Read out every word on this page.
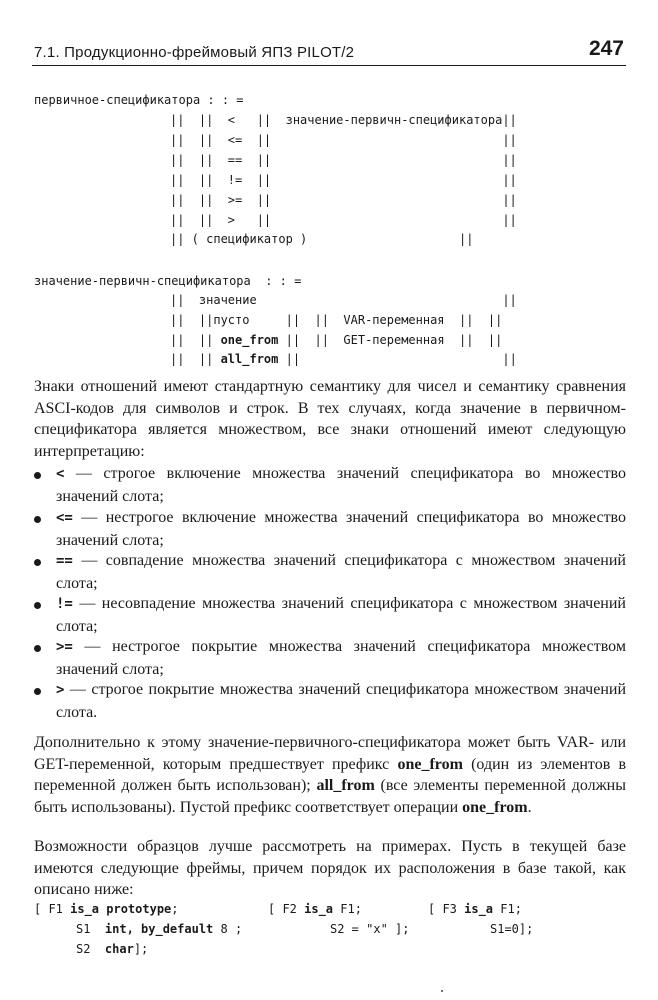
7.1. Продукционно-фреймовый ЯПЗ PILOT/2	247
первичное-спецификатора : : =
||  ||  <   ||  значение-первичн-спецификатора||
||  ||  <=  ||                                ||
||  ||  ==  ||                                ||
||  ||  !=  ||                                ||
||  ||  >=  ||                                ||
||  ||  >   ||                                ||
|| ( спецификатор )                     ||
значение-первичн-спецификатора  : : =
||  значение                                  ||
||  ||пусто     ||  ||  VAR-переменная  ||  ||
||  || one_from ||  ||  GET-переменная  ||  ||
||  || all_from ||                            ||
Знаки отношений имеют стандартную семантику для чисел и семантику сравнения ASCI-кодов для символов и строк. В тех случаях, когда значение в первичном-спецификатора является множеством, все знаки отношений имеют следующую интерпретацию:
< — строгое включение множества значений спецификатора во множество значений слота;
<= — нестрогое включение множества значений спецификатора во множество значений слота;
== — совпадение множества значений спецификатора с множеством значений слота;
!= — несовпадение множества значений спецификатора с множеством значений слота;
>= — нестрогое покрытие множества значений спецификатора множеством значений слота;
> — строгое покрытие множества значений спецификатора множеством значений слота.
Дополнительно к этому значение-первичного-спецификатора может быть VAR- или GET-переменной, которым предшествует префикс one_from (один из элементов в переменной должен быть использован); all_from (все элементы переменной должны быть использованы). Пустой префикс соответствует операции one_from.
Возможности образцов лучше рассмотреть на примерах. Пусть в текущей базе имеются следующие фреймы, причем порядок их расположения в базе такой, как описано ниже:
[ F1 is_a prototype;	[ F2 is_a F1;	[ F3 is_a F1;
S1  int, by_default 8 ;	S2 = "x" ];	S1=0];
S2  char];
